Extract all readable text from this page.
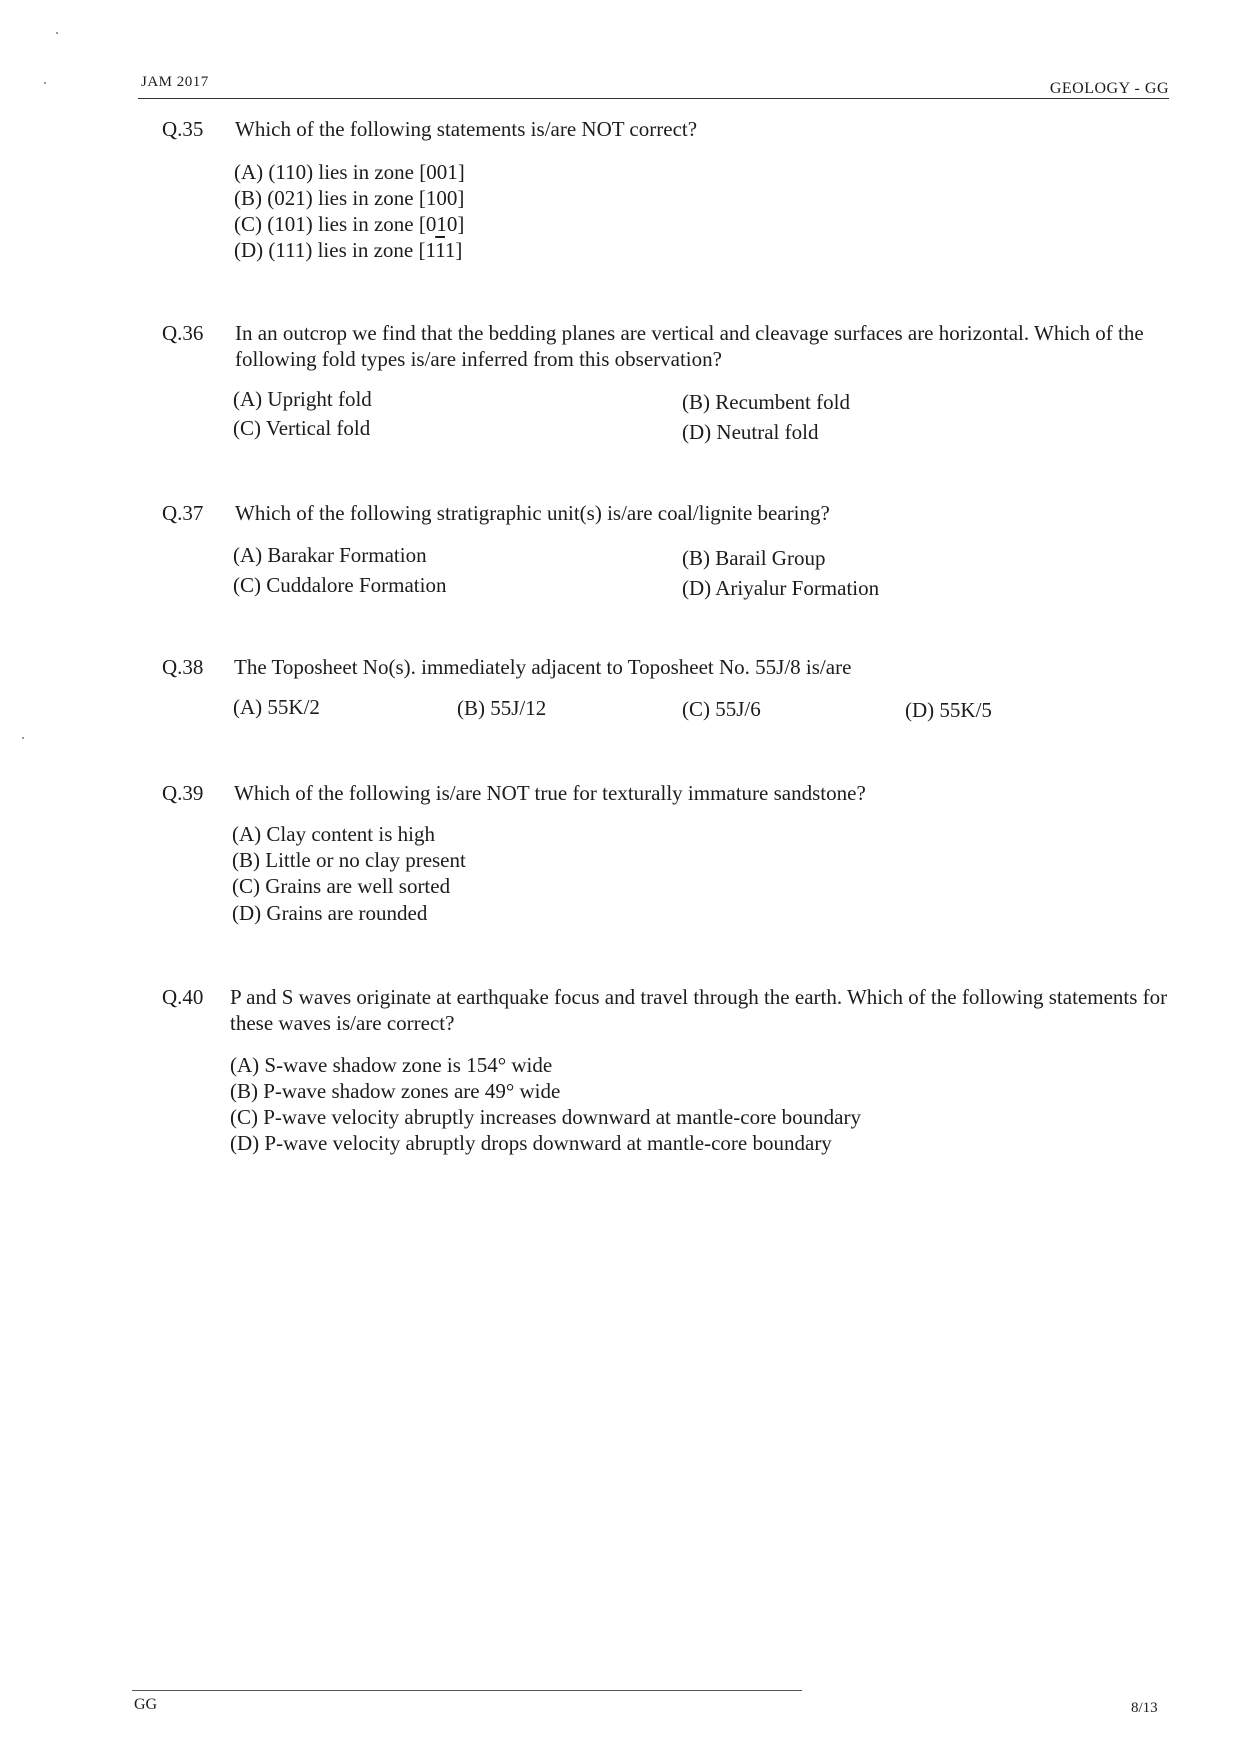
JAM 2017	GEOLOGY - GG
Q.35 Which of the following statements is/are NOT correct?
(A) (110) lies in zone [001]
(B) (021) lies in zone [100]
(C) (101) lies in zone [010]
(D) (111) lies in zone [111]
Q.36 In an outcrop we find that the bedding planes are vertical and cleavage surfaces are horizontal. Which of the following fold types is/are inferred from this observation?
(A) Upright fold	(B) Recumbent fold
(C) Vertical fold	(D) Neutral fold
Q.37 Which of the following stratigraphic unit(s) is/are coal/lignite bearing?
(A) Barakar Formation	(B) Barail Group
(C) Cuddalore Formation	(D) Ariyalur Formation
Q.38 The Toposheet No(s). immediately adjacent to Toposheet No. 55J/8 is/are
(A) 55K/2	(B) 55J/12	(C) 55J/6	(D) 55K/5
Q.39 Which of the following is/are NOT true for texturally immature sandstone?
(A) Clay content is high
(B) Little or no clay present
(C) Grains are well sorted
(D) Grains are rounded
Q.40 P and S waves originate at earthquake focus and travel through the earth. Which of the following statements for these waves is/are correct?
(A) S-wave shadow zone is 154° wide
(B) P-wave shadow zones are 49° wide
(C) P-wave velocity abruptly increases downward at mantle-core boundary
(D) P-wave velocity abruptly drops downward at mantle-core boundary
GG	8/13
